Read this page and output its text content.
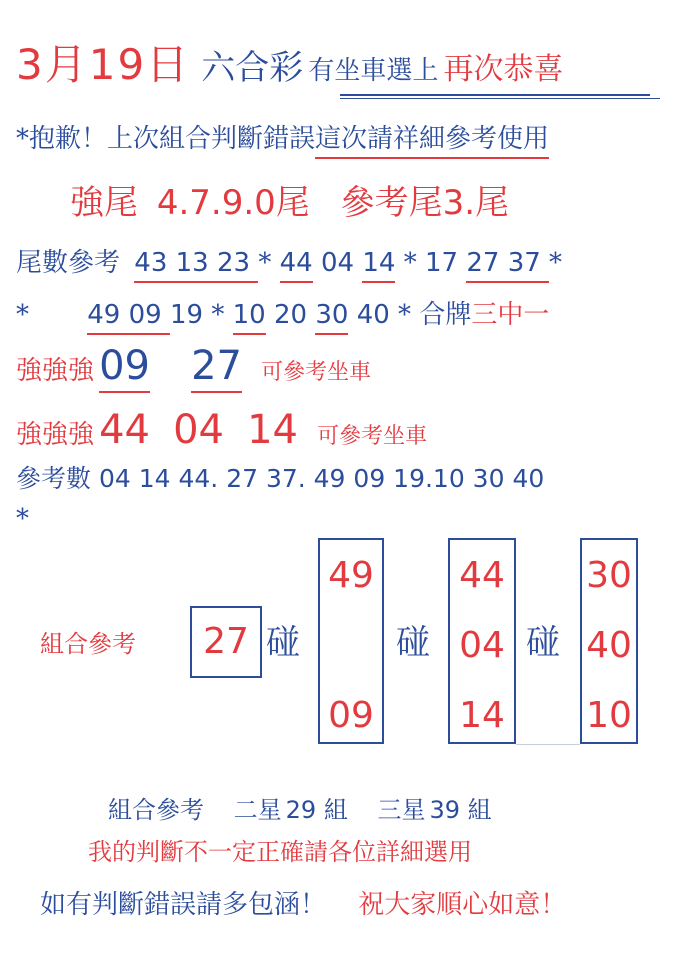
3月19日 六合彩 有坐車選上 再次恭喜
*抱歉！上次組合判斷錯誤這次請祥細參考使用
強尾 4.7.9.0尾 參考尾3.尾
尾數參考 43 13 23 * 44 04 14 * 17 27 37 *
* 49 09 19 * 10 20 30 40 * 合牌三中一
強強強 09 27 可參考坐車
強強強 44 04 14 可參考坐車
參考數 04 14 44. 27 37. 49 09 19.10 30 40
*
組合參考	27 碰
49
09
碰
44
04
14
碰
30
40
10
組合參考 二星 29 組 三星 39 組
我的判斷不一定正確請各位詳細選用
如有判斷錯誤請多包涵！ 祝大家順心如意！
